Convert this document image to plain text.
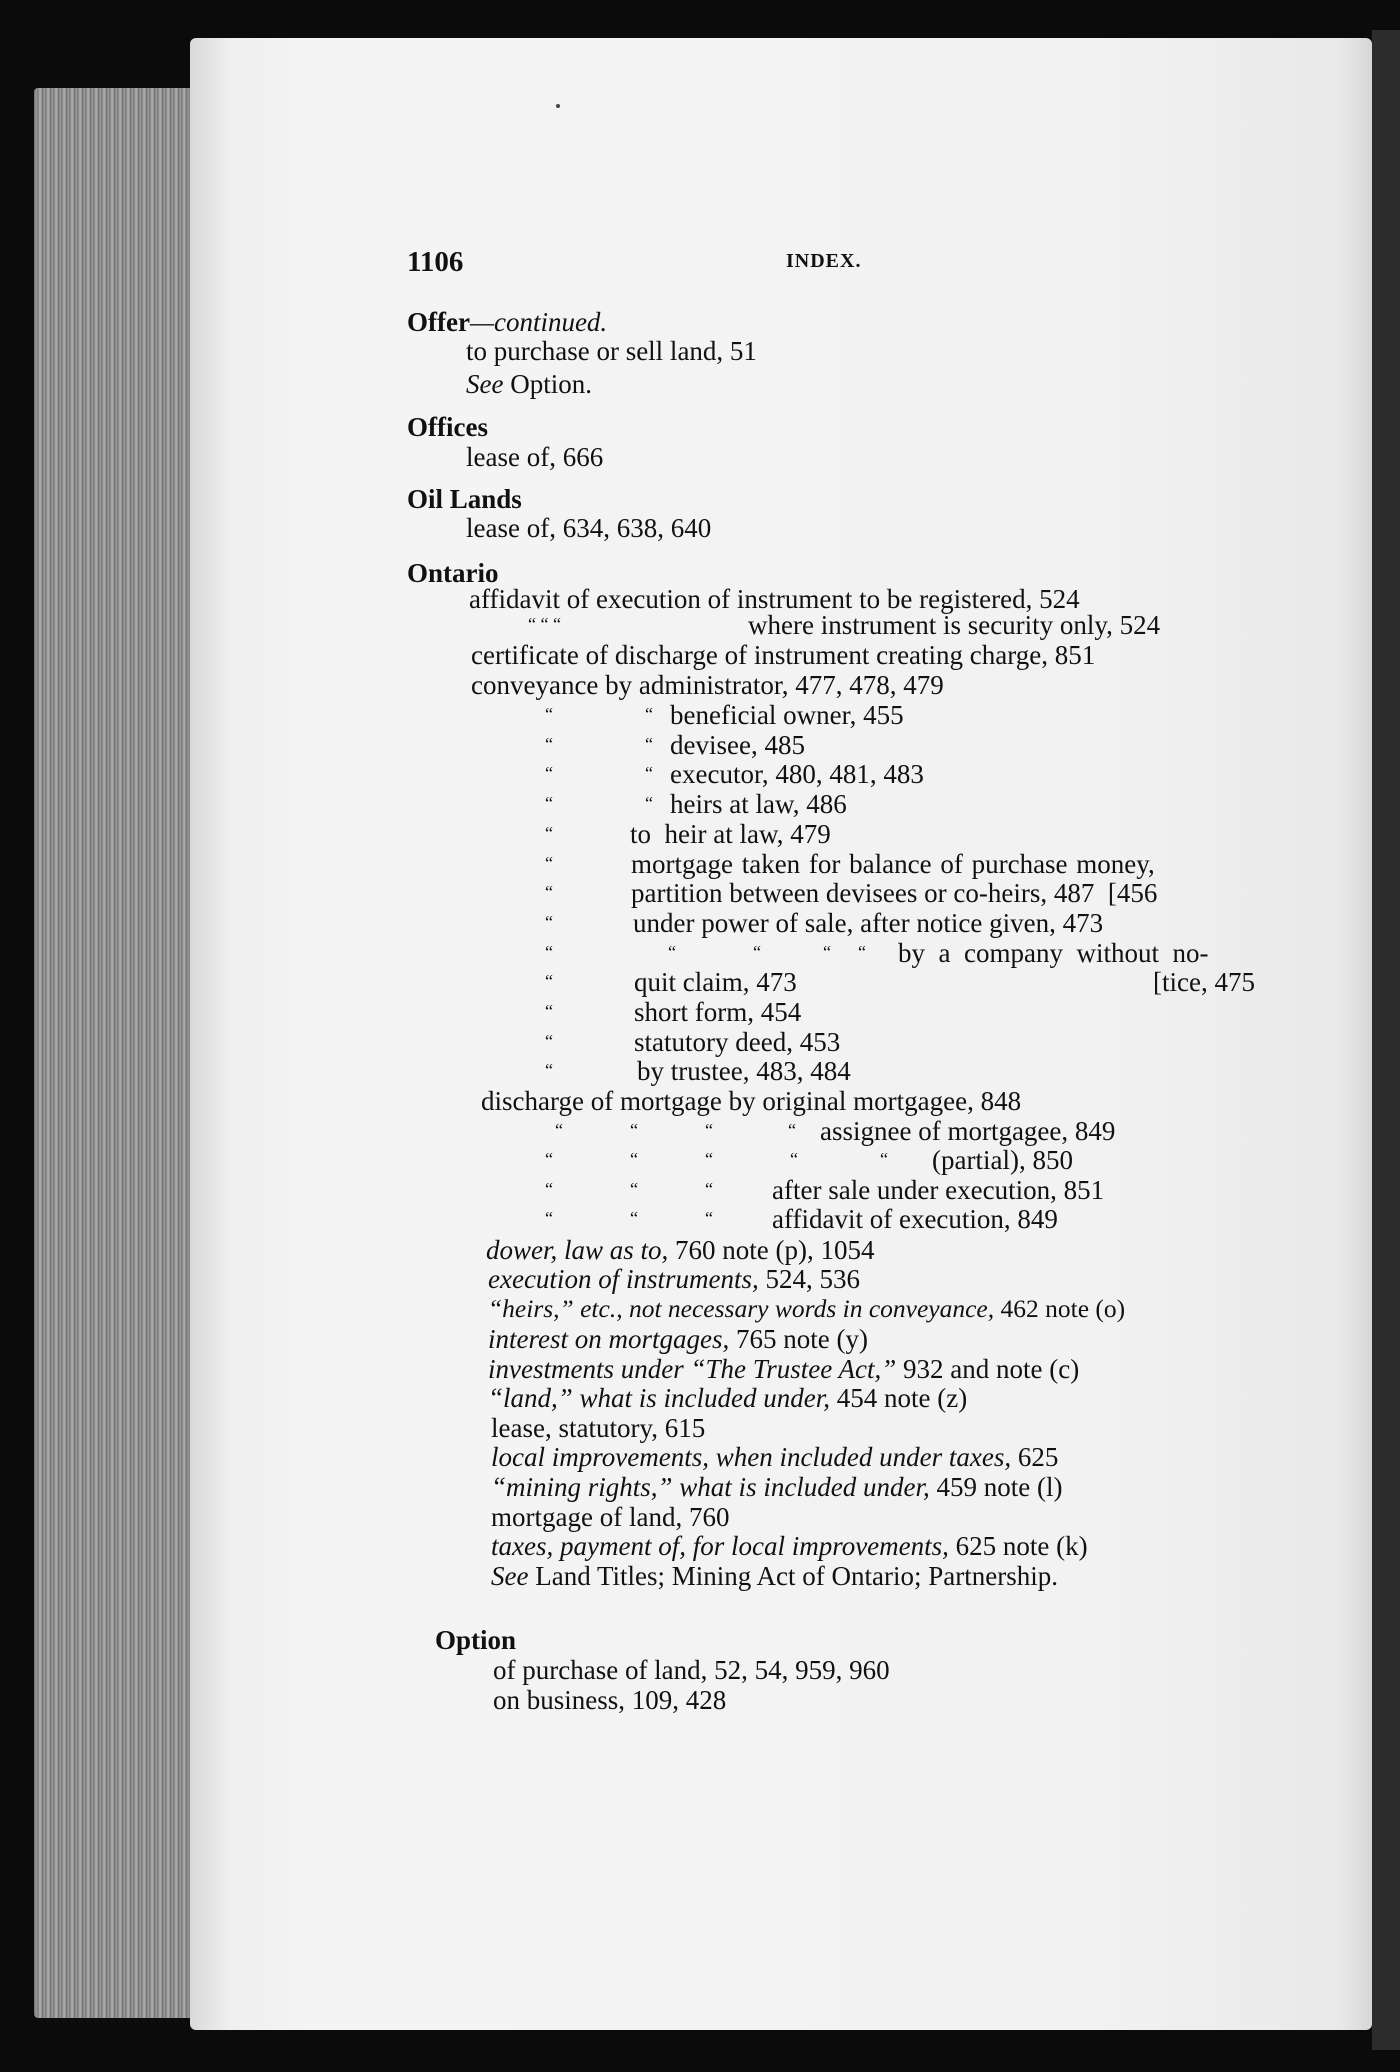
1106	INDEX.
Offer—continued.
to purchase or sell land, 51
See Option.
Offices
lease of, 666
Oil Lands
lease of, 634, 638, 640
Ontario
affidavit of execution of instrument to be registered, 524
“ “ “	where instrument is security only, 524
certificate of discharge of instrument creating charge, 851
conveyance by administrator, 477, 478, 479
“	“ beneficial owner, 455
“	“ devisee, 485
“	“ executor, 480, 481, 483
“	“ heirs at law, 486
“	to  heir at law, 479
“	mortgage taken for balance of purchase money,
“	partition between devisees or co-heirs, 487  [456
“	under power of sale, after notice given, 473
“	“	“	“ “ by  a  company  without  no-
“	quit claim, 473	[tice, 475
“	short form, 454
“	statutory deed, 453
“	by trustee, 483, 484
discharge of mortgage by original mortgagee, 848
“	“	“	“ assignee of mortgagee, 849
“	“	“	“	“ (partial), 850
“	“	“ after sale under execution, 851
“	“	“ affidavit of execution, 849
dower, law as to, 760 note (p), 1054
execution of instruments, 524, 536
“heirs,” etc., not necessary words in conveyance, 462 note (o)
interest on mortgages, 765 note (y)
investments under “The Trustee Act,” 932 and note (c)
“land,” what is included under, 454 note (z)
lease, statutory, 615
local improvements, when included under taxes, 625
“mining rights,” what is included under, 459 note (l)
mortgage of land, 760
taxes, payment of, for local improvements, 625 note (k)
See Land Titles; Mining Act of Ontario; Partnership.
Option
of purchase of land, 52, 54, 959, 960
on business, 109, 428
